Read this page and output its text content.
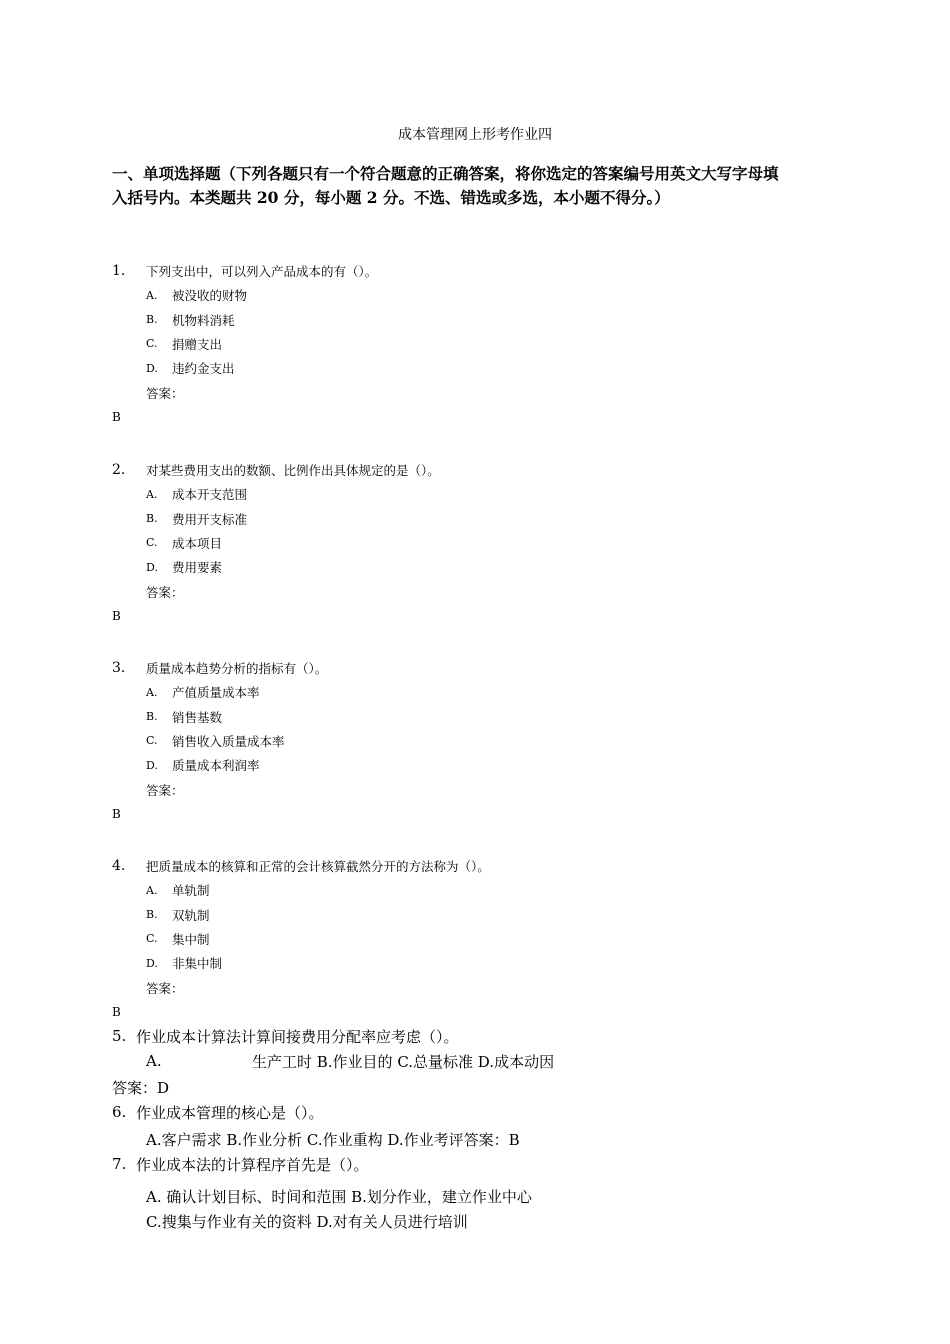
成本管理网上形考作业四
一、单项选择题（下列各题只有一个符合题意的正确答案，将你选定的答案编号用英文大写字母填入括号内。本类题共 20 分，每小题 2 分。不选、错选或多选，本小题不得分。）
1.	下列支出中，可以列入产品成本的有（）。
A.	被没收的财物
B.	机物料消耗
C.	捐赠支出
D.	违约金支出
答案：
B
2.	对某些费用支出的数额、比例作出具体规定的是（）。
A.	成本开支范围
B.	费用开支标准
C.	成本项目
D.	费用要素
答案：
B
3.	质量成本趋势分析的指标有（）。
A.	产值质量成本率
B.	销售基数
C.	销售收入质量成本率
D.	质量成本利润率
答案：
B
4.	把质量成本的核算和正常的会计核算截然分开的方法称为（）。
A.	单轨制
B.	双轨制
C.	集中制
D.	非集中制
答案：
B
5. 作业成本计算法计算间接费用分配率应考虑（）。
A.	生产工时 B.作业目的 C.总量标准 D.成本动因
答案：D
6. 作业成本管理的核心是（）。
A.客户需求 B.作业分析 C.作业重构 D.作业考评答案：B
7. 作业成本法的计算程序首先是（）。
A. 确认计划目标、时间和范围 B.划分作业，建立作业中心
C.搜集与作业有关的资料 D.对有关人员进行培训
